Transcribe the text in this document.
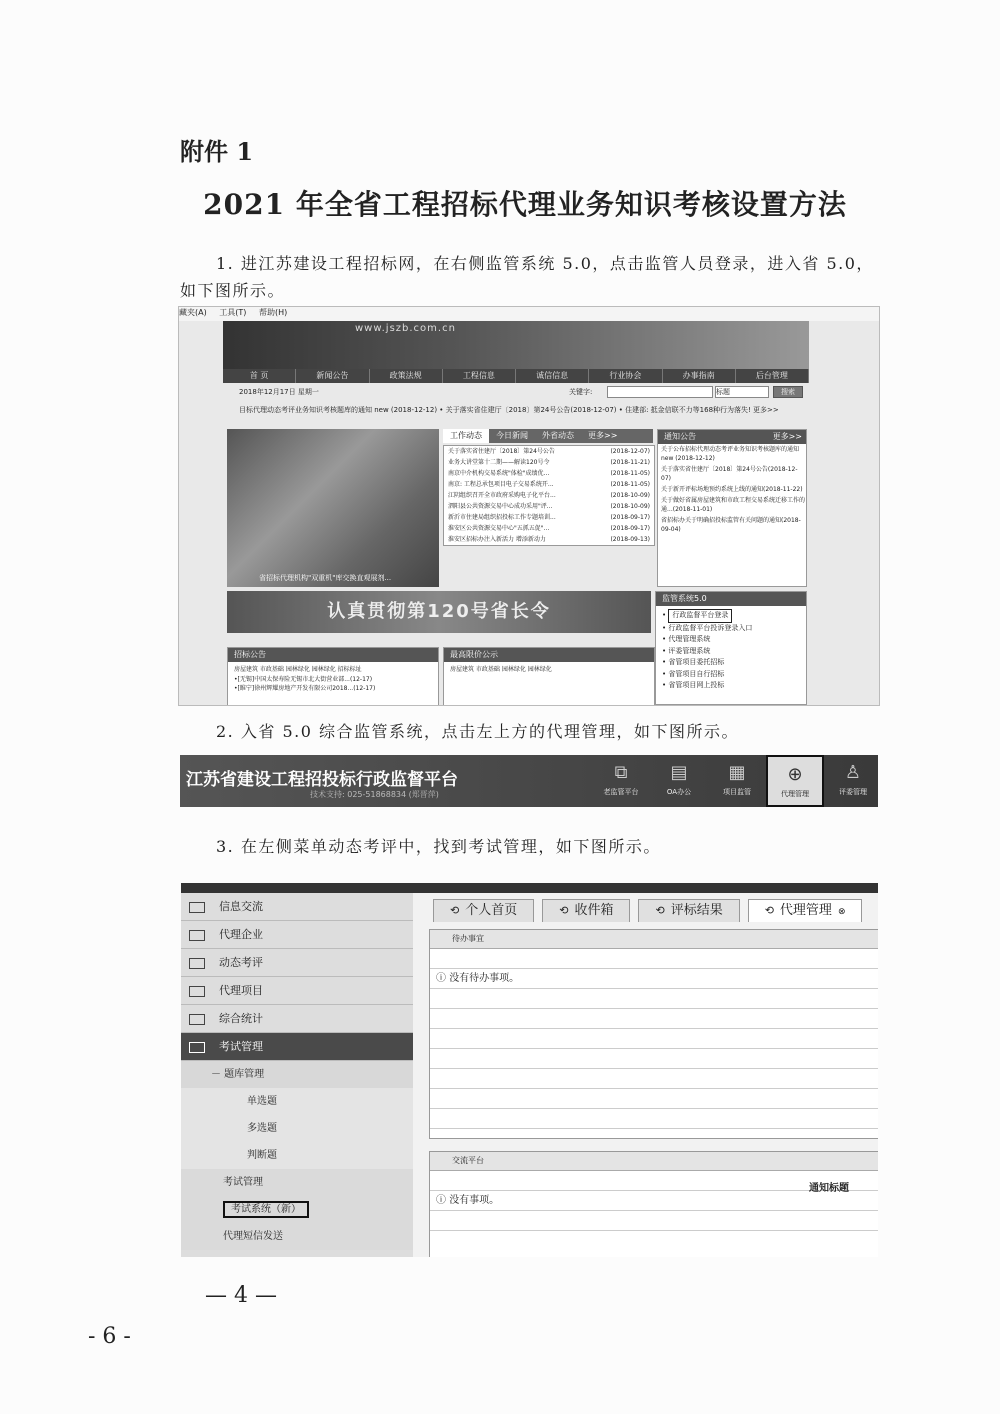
附件 1
2021 年全省工程招标代理业务知识考核设置方法
1. 进江苏建设工程招标网，在右侧监管系统 5.0，点击监管人员登录，进入省 5.0，如下图所示。
藏夹(A) 工具(T) 帮助(H)
www.jszb.com.cn
首 页	新闻公告	政策法规	工程信息	诚信信息	行业协会	办事指南	后台管理
2018年12月17日 星期一	关键字:	标题	搜索
目标代理动态考评业务知识考核题库的通知 new (2018-12-12) • 关于落实省住建厅〔2018〕第24号公告(2018-12-07) • 住建部: 抵金信联不力等168种行为落失! 更多>>
省招标代理机构"双重机"库交换直观展剂...
工作动态	今日新闻	外省动态	更多>>
关于落实省住建厅〔2018〕第24号公告	(2018-12-07)
业务大讲堂第十二期——解读120号令	(2018-11-21)
南京中介机构交易系统"体检"成绩优...	(2018-11-05)
南京: 工程总承包项目电子交易系统开...	(2018-11-05)
江阴组织召开全市政府采购电子化平台...	(2018-10-09)
泗阳县公共资源交易中心成功采用"评...	(2018-10-09)
新沂市住建局组织招投标工作专题培训...	(2018-09-17)
淮安区公共资源交易中心"五抓五促"...	(2018-09-17)
淮安区招标办注入新活力 增添新动力	(2018-09-13)
通知公告	更多>>
关于公布招标代理动态考评业务知识考核题库的通知 new (2018-12-12)
关于落实省住建厅〔2018〕第24号公告(2018-12-07)
关于新开评标场地预约系统上线的通知(2018-11-22)
关于做好省属房屋建筑和市政工程交易系统迁移工作的通...(2018-11-01)
省招标办关于明确招投标监管有关问题的通知(2018-09-04)
认真贯彻第120号省长令
监管系统5.0
• 行政监督平台登录
• 行政监督平台投诉登录入口
• 代理管理系统
• 评委管理系统
• 省管项目委托招标
• 省管项目自行招标
• 省管项目网上投标
招标公告
房屋建筑 市政基础 园林绿化 园林绿化 招标标址
•[无锡]中国太保寿险无锡市北大街营业部...(12-17)
•[睢宁]徐州辉耀房地产开发有限公司2018...(12-17)
最高限价公示
房屋建筑 市政基础 园林绿化 园林绿化
2. 入省 5.0 综合监管系统，点击左上方的代理管理，如下图所示。
江苏省建设工程招投标行政监督平台
技术支持: 025-51868834 (郑晋萍)
⧉
老监管平台
▤
OA办公
▦
项目监管
⊕
代理管理
♙
评委管理
3. 在左侧菜单动态考评中，找到考试管理，如下图所示。
信息交流
代理企业
动态考评
代理项目
综合统计
考试管理
－ 题库管理
单选题
多选题
判断题
考试管理
考试系统（新）
代理短信发送
⟲ 个人首页	⟲ 收件箱	⟲ 评标结果	⟲ 代理管理 ⊗
待办事宜
ⓘ 没有待办事项。
交流平台
ⓘ 没有事项。
通知标题
— 4 —
- 6 -
